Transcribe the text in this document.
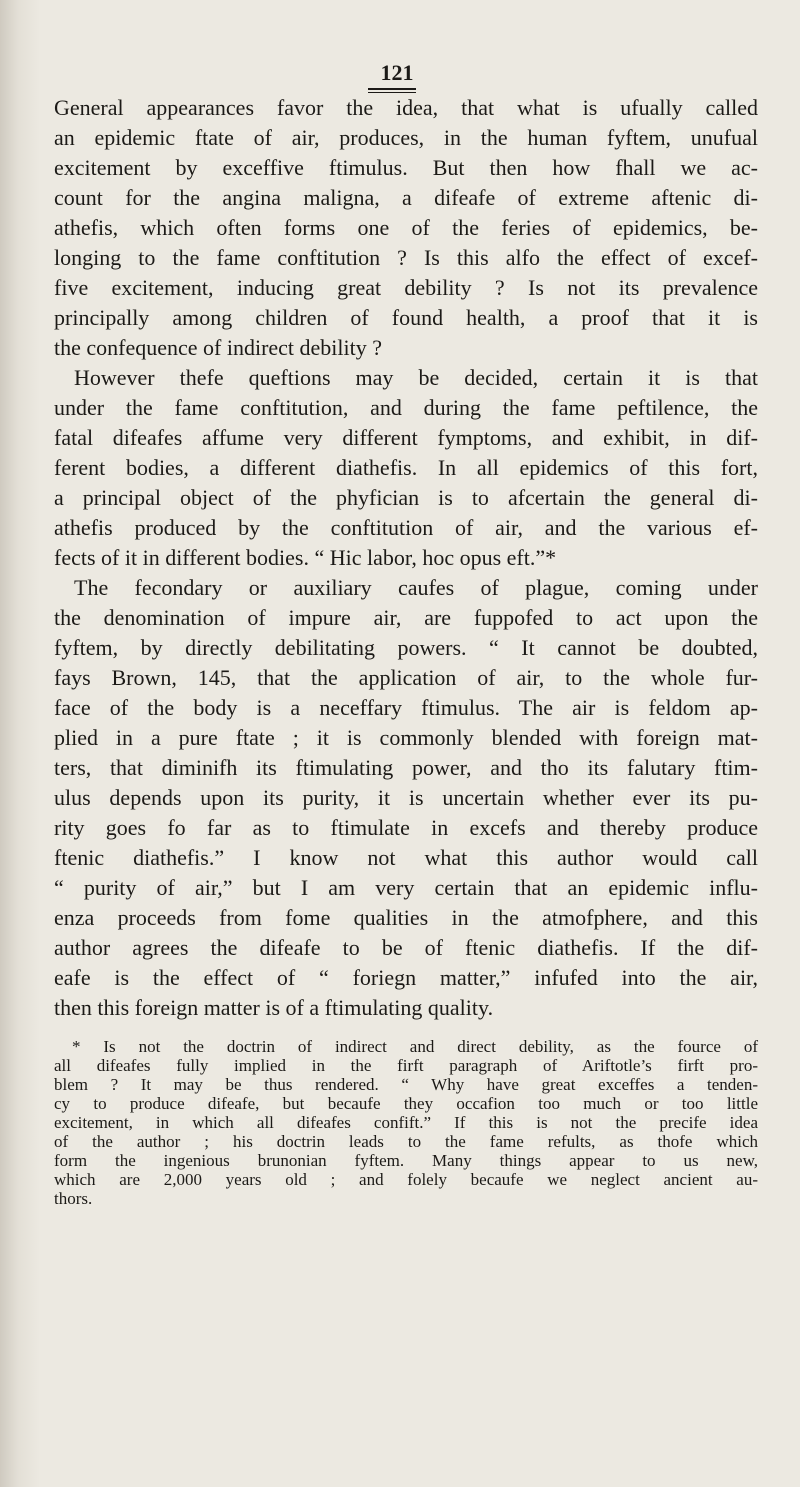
121
General appearances favor the idea, that what is ufually called
an epidemic ftate of air, produces, in the human fyftem, unufual
excitement by exceffive ftimulus. But then how fhall we ac-
count for the angina maligna, a difeafe of extreme aftenic di-
athefis, which often forms one of the feries of epidemics, be-
longing to the fame conftitution ? Is this alfo the effect of excef-
five excitement, inducing great debility ? Is not its prevalence
principally among children of found health, a proof that it is
the confequence of indirect debility ?
However thefe queftions may be decided, certain it is that
under the fame conftitution, and during the fame peftilence, the
fatal difeafes affume very different fymptoms, and exhibit, in dif-
ferent bodies, a different diathefis. In all epidemics of this fort,
a principal object of the phyfician is to afcertain the general di-
athefis produced by the conftitution of air, and the various ef-
fects of it in different bodies. “ Hic labor, hoc opus eft.”*
The fecondary or auxiliary caufes of plague, coming under
the denomination of impure air, are fuppofed to act upon the
fyftem, by directly debilitating powers. “ It cannot be doubted,
fays Brown, 145, that the application of air, to the whole fur-
face of the body is a neceffary ftimulus. The air is feldom ap-
plied in a pure ftate ; it is commonly blended with foreign mat-
ters, that diminifh its ftimulating power, and tho its falutary ftim-
ulus depends upon its purity, it is uncertain whether ever its pu-
rity goes fo far as to ftimulate in excefs and thereby produce
ftenic diathefis.” I know not what this author would call
“ purity of air,” but I am very certain that an epidemic influ-
enza proceeds from fome qualities in the atmofphere, and this
author agrees the difeafe to be of ftenic diathefis. If the dif-
eafe is the effect of “ foriegn matter,” infufed into the air,
then this foreign matter is of a ftimulating quality.
* Is not the doctrin of indirect and direct debility, as the fource of
all difeafes fully implied in the firft paragraph of Ariftotle’s firft pro-
blem ? It may be thus rendered. “ Why have great exceffes a tenden-
cy to produce difeafe, but becaufe they occafion too much or too little
excitement, in which all difeafes confift.” If this is not the precife idea
of the author ; his doctrin leads to the fame refults, as thofe which
form the ingenious brunonian fyftem. Many things appear to us new,
which are 2,000 years old ; and folely becaufe we neglect ancient au-
thors.
